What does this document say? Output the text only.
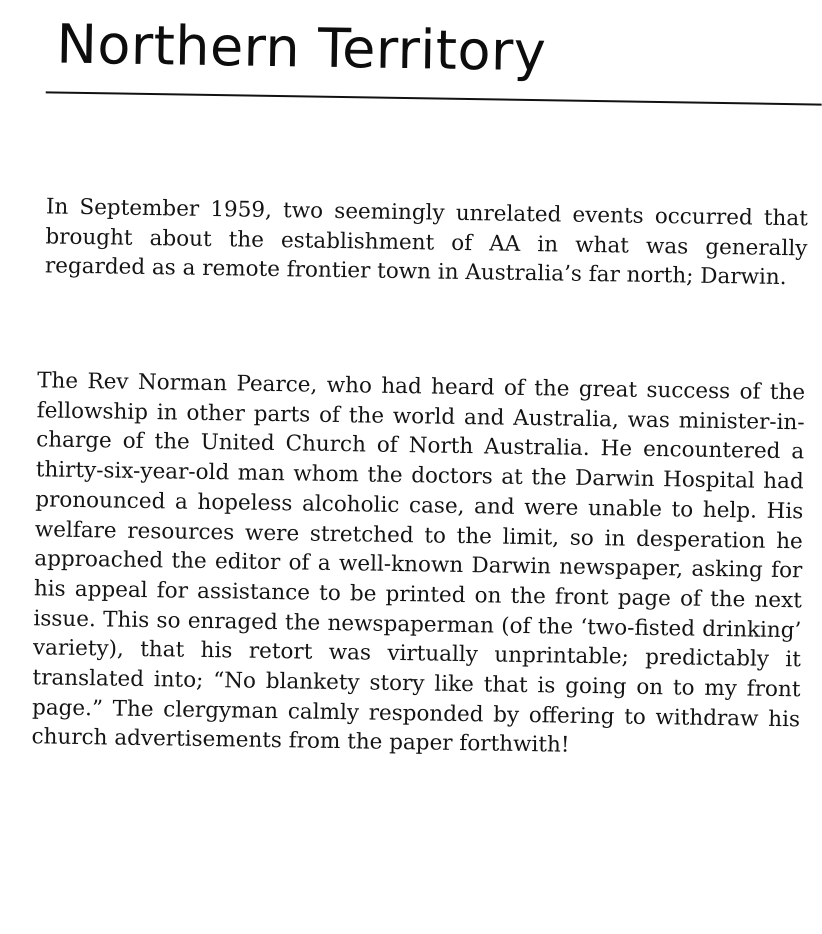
Northern Territory

In September 1959, two seemingly unrelated events occurred that brought about the establishment of AA in what was generally regarded as a remote frontier town in Australia’s far north; Darwin.

The Rev Norman Pearce, who had heard of the great success of the fellowship in other parts of the world and Australia, was minister-in-charge of the United Church of North Australia. He encountered a thirty-six-year-old man whom the doctors at the Darwin Hospital had pronounced a hopeless alcoholic case, and were unable to help. His welfare resources were stretched to the limit, so in desperation he approached the editor of a well-known Darwin newspaper, asking for his appeal for assistance to be printed on the front page of the next issue. This so enraged the newspaperman (of the ‘two-fisted drinking’ variety), that his retort was virtually unprintable; predictably it translated into; “No blankety story like that is going on to my front page.” The clergyman calmly responded by offering to withdraw his church advertisements from the paper forthwith!
